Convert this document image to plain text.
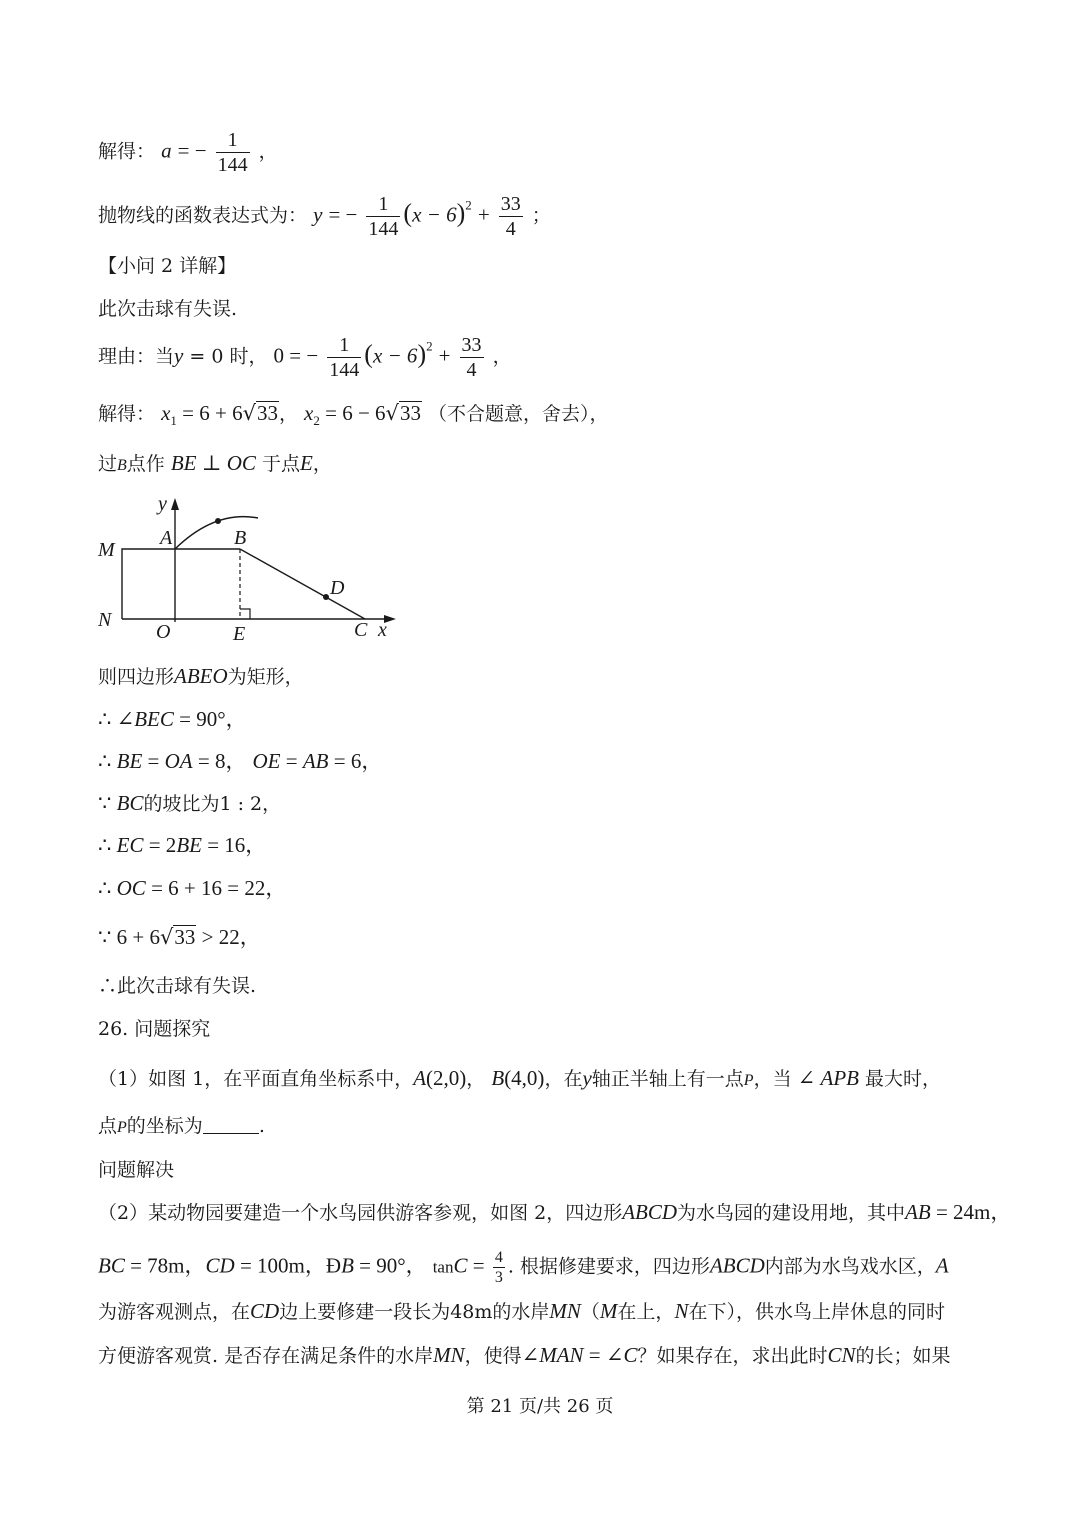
解得： a = − $\frac{1}{144}$ ，
抛物线的函数表达式为： y = − $\frac{1}{144} (x - 6)^2 + \frac{33}{4}$ ；
【小问 2 详解】
此次击球有失误.
理由：当y = 0 时， 0 = − $\frac{1}{144} (x - 6)^2 + \frac{33}{4}$ ，
解得： $x_1 = 6 + 6√33$， $x_2 = 6 - 6√33$ （不合题意，舍去），
过B点作 BE ⊥ OC 于点E，
y
M
N
A	B
O	E
D
C x
则四边形ABEO为矩形，
∴ ∠BEC = 90°，
∴ BE = OA = 8， OE = AB = 6，
∵ BC的坡比为1 : 2，
∴ EC = 2BE = 16，
∴ OC = 6 + 16 = 22，
∵ 6 + 6√33 > 22，
∴此次击球有失误.
26. 问题探究
（1）如图 1，在平面直角坐标系中，A(2,0)， B(4,0)，在y轴正半轴上有一点P，当 ∠ APB 最大时，
点P的坐标为	.
问题解决
（2）某动物园要建造一个水鸟园供游客参观，如图 2，四边形ABCD为水鸟园的建设用地，其中AB = 24m，
BC = 78m，CD = 100m，ÐB = 90°， $\tan C = \frac{4}{3}$ . 根据修建要求，四边形ABCD内部为水鸟戏水区，A
为游客观测点，在CD边上要修建一段长为48m的水岸MN（M在上，N在下），供水鸟上岸休息的同时
方便游客观赏. 是否存在满足条件的水岸MN，使得∠MAN = ∠C？如果存在，求出此时CN的长；如果
第 21 页/共 26 页
